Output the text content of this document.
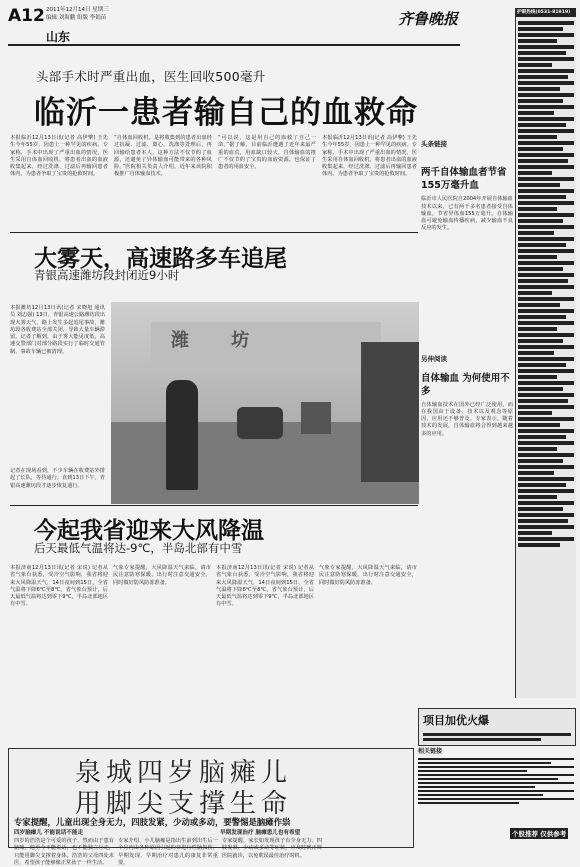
A12 2011年12月14日 星期三
编辑 刘海鹏 组版 李娟苗
山东
齐鲁晚报
头部手术时严重出血，医生回收500毫升
临沂一患者输自己的血救命
本报临沂12月13日讯(记者 高伊擎) 王先生今年55岁，因患上一种罕见的疾病。专家称，手术中出现了严重出血的情况，医生采用自体血回收机，将患者出血的血液收集起来，经过洗涤、过滤后再输回患者体内，为患者争取了宝贵的抢救时间。
“自体血回收机，是将收集到的患者出血经过抗凝、过滤、离心、洗涤等处理后，再回输给患者本人，这种方法不仅节约了血源，还避免了异体输血可能带来的各种风险。”医院相关负责人介绍，近年来该院积极推广自体输血技术。
“可以说，这是用自己的血救了自己一命。”据了解，目前临沂遭遇了近年来最严重的血荒，用血缺口较大，自体输血的推广不仅节约了宝贵的血液资源，也保证了患者的用血安全。
本报临沂12月13日讯(记者 高伊擎) 王先生今年55岁，因患上一种罕见的疾病。专家称，手术中出现了严重出血的情况，医生采用自体血回收机，将患者出血的血液收集起来，经过洗涤、过滤后再输回患者体内，为患者争取了宝贵的抢救时间。
头条链接
两千自体输血者节省155万毫升血
临沂市人民医院自2004年开展自体输血技术以来，已有两千多名患者接受自体输血，节省异体血155万毫升。自体输血可避免输血传播疾病，减少输血不良反应的发生。
另伸阅读
自体输血 为何使用不多
自体输血技术在国外已经广泛使用，而在我国由于设备、技术以及观念等原因，应用还不够普及。专家表示，随着技术的发展，自体输血将会得到越来越多的应用。
大雾天，高速路多车追尾
青银高速潍坊段封闭近9小时
本报潍坊12月13日讯(记者 宋晓旭 通讯员 刘志强) 13日，青银高速公路潍坊段出现大雾天气，路上发生多起追尾事故，潍坊段各收费站全部关闭，导致大量车辆滞留。记者了解到，由于雾大能见度低，高速交警部门对部分路段实行了临时交通管制，事故车辆已被清理。
记者在现场看到，不少车辆在收费站外排起了长队，等待通行。直到13日下午，青银高速潍坊段才逐步恢复通行。
潍 坊
今起我省迎来大风降温
后天最低气温将达-9℃，半岛北部有中雪
本报济南12月13日讯(记者 宋说) 记者从省气象台获悉，受冷空气影响，我省将迎来大风降温天气，14日夜间到15日，全省气温将下降6℃至8℃。省气象台预计，后天最低气温将达到零下9℃，半岛北部地区有中雪。
气象专家提醒，大风降温天气来临，请市民注意防寒保暖，出行时注意交通安全，同时做好防风防冻准备。
本报济南12月13日讯(记者 宋说) 记者从省气象台获悉，受冷空气影响，我省将迎来大风降温天气，14日夜间到15日，全省气温将下降6℃至8℃。省气象台预计，后天最低气温将达到零下9℃，半岛北部地区有中雪。
气象专家提醒，大风降温天气来临，请市民注意防寒保暖，出行时注意交通安全，同时做好防风防冻准备。
护眼热线(0531-81919)
项目加优火爆
泉城四岁脑瘫儿
用脚尖支撑生命
专家提醒，儿童出现全身无力，四肢发紧，少动或多动，要警惕是脑瘫作祟
四岁脑瘫儿 不能说话不能走	早期发现治疗 脑瘫患儿也有希望
四岁的浩浩是个可爱的孩子，然而由于患有脑瘫，他至今不能说话，也不能独立行走，只能用脚尖支撑着身体。浩浩的父母四处求医，希望孩子能够像正常孩子一样生活。
专家介绍，小儿脑瘫是指出生前到出生后一个月内由各种原因引起的非进行性脑损伤，早期发现、早期治疗对患儿的康复非常重要。
专家提醒，家长如发现孩子有全身无力、四肢发紧、少动或多动等症状，应及时到正规医院就诊，以免耽误最佳治疗时机。
相关链接
个股推荐 仅供参考
